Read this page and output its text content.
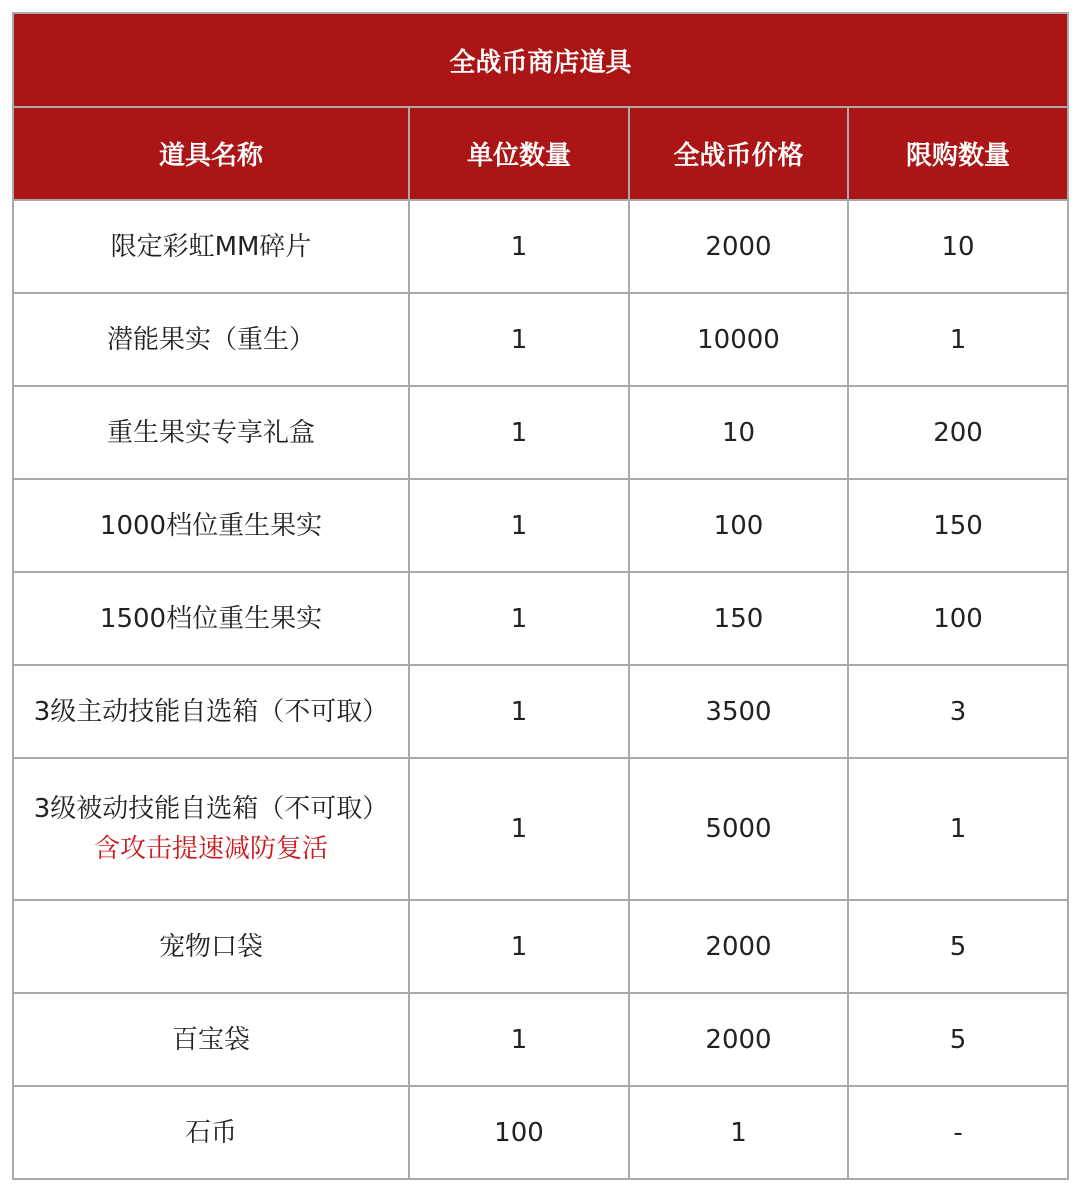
全战币商店道具			
道具名称	单位数量	全战币价格	限购数量

限定彩虹MM碎片	1	2000	10

潜能果实（重生）	1	10000	1

重生果实专享礼盒	1	10	200

1000档位重生果实	1	100	150

1500档位重生果实	1	150	100

3级主动技能自选箱（不可取）	1	3500	3

3级被动技能自选箱（不可取）
含攻击提速减防复活	1	5000	1

宠物口袋	1	2000	5

百宝袋	1	2000	5

石币	100	1	-
